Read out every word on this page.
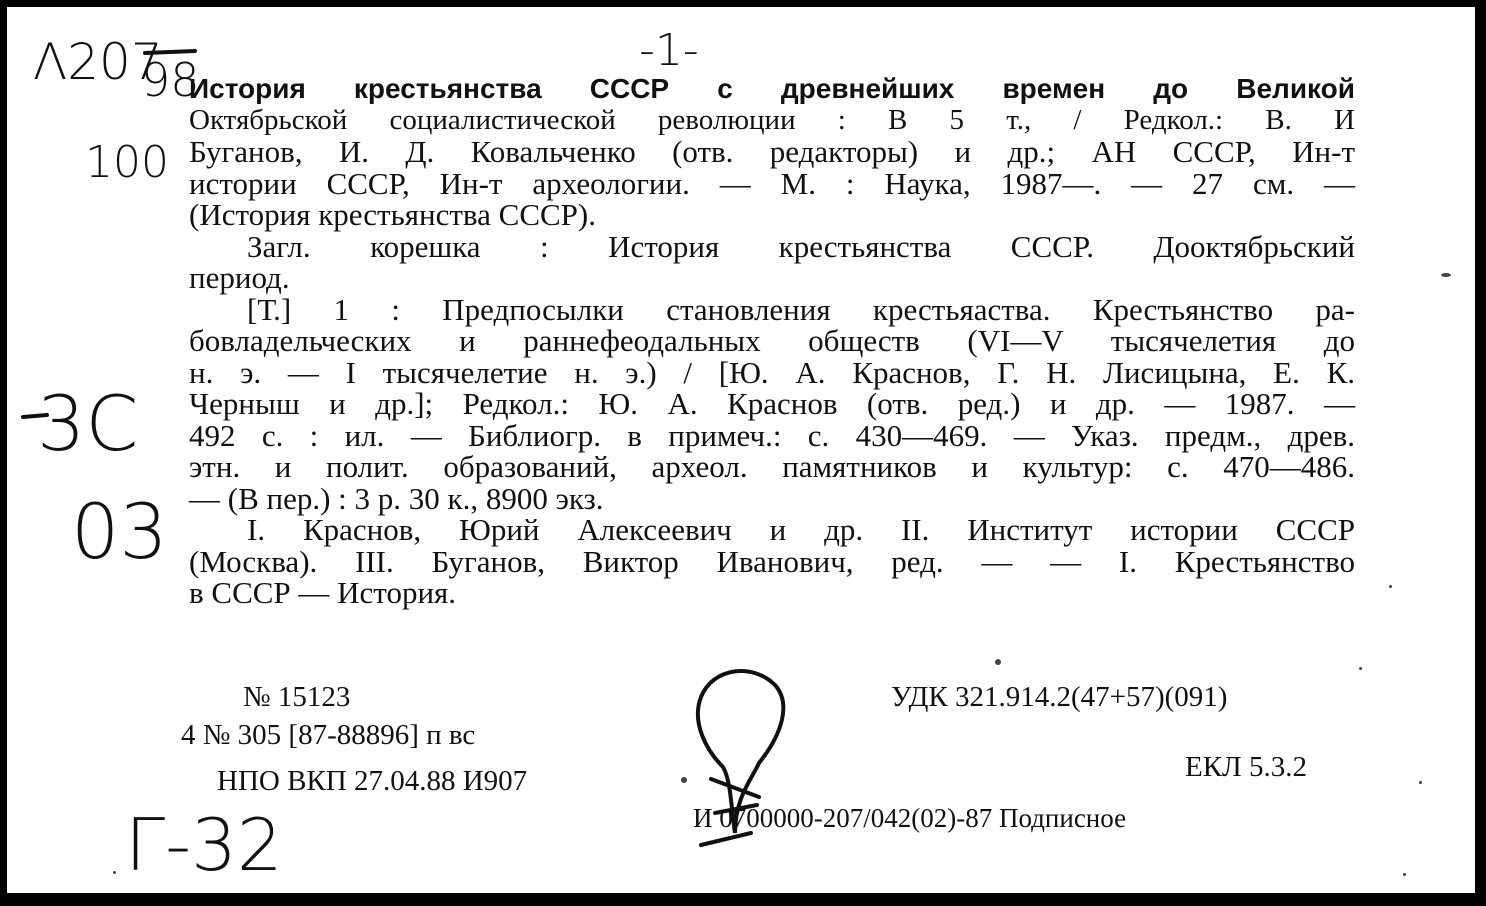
История крестьянства СССР с древнейших времен до Великой
Октябрьской социалистической революции : В 5 т., / Редкол.: В. И
Буганов, И. Д. Ковальченко (отв. редакторы) и др.; АН СССР, Ин-т
истории СССР, Ин-т археологии. — М. : Наука, 1987—. — 27 см. —
(История крестьянства СССР).
Загл. корешка : История крестьянства СССР. Дооктябрьский
период.
[Т.] 1 : Предпосылки становления крестьяаства. Крестьянство ра-
бовладельческих и раннефеодальных обществ (VI—V тысячелетия до
н. э. — I тысячелетие н. э.) / [Ю. А. Краснов, Г. Н. Лисицына, Е. К.
Черныш и др.]; Редкол.: Ю. А. Краснов (отв. ред.) и др. — 1987. —
492 с. : ил. — Библиогр. в примеч.: с. 430—469. — Указ. предм., древ.
этн. и полит. образований, археол. памятников и культур: с. 470—486.
— (В пер.) : 3 р. 30 к., 8900 экз.
I. Краснов, Юрий Алексеевич и др. II. Институт истории СССР
(Москва). III. Буганов, Виктор Иванович, ред. — — I. Крестьянство
в СССР — История.
№ 15123
4 № 305 [87-88896] п вс
НПО ВКП 27.04.88 И907
УДК 321.914.2(47+57)(091)
ЕКЛ 5.3.2
И 0700000-207/042(02)-87 Подписное
Λ207
98
100
-1-
3C
03
Г-32
